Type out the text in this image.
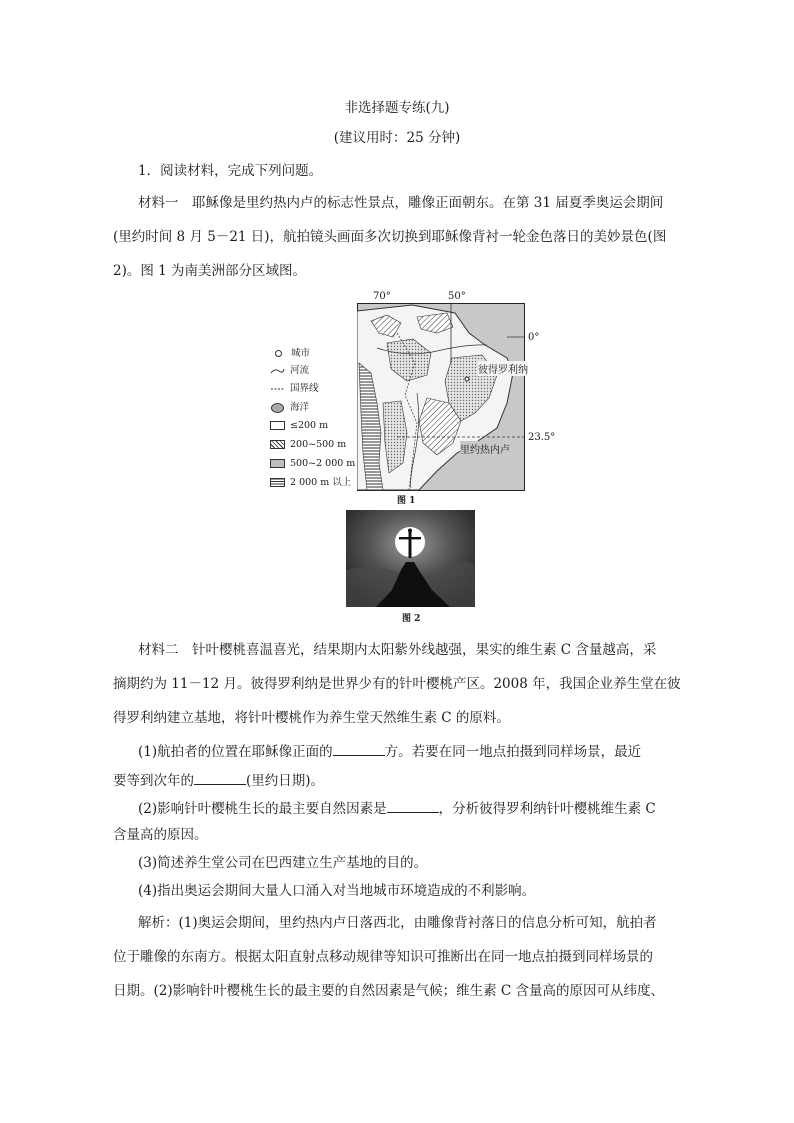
非选择题专练(九)
(建议用时：25 分钟)
1．阅读材料，完成下列问题。
材料一　耶稣像是里约热内卢的标志性景点，雕像正面朝东。在第 31 届夏季奥运会期间
(里约时间 8 月 5－21 日)，航拍镜头画面多次切换到耶稣像背衬一轮金色落日的美妙景色(图
2)。图 1 为南美洲部分区域图。
城市
河流
国界线
海洋
≤200 m
200~500 m
500~2 000 m
2 000 m 以上
70°	50°
0°
23.5°
彼得罗利纳
里约热内卢
图 1
图 2
材料二　针叶樱桃喜温喜光，结果期内太阳紫外线越强，果实的维生素 C 含量越高，采
摘期约为 11－12 月。彼得罗利纳是世界少有的针叶樱桃产区。2008 年，我国企业养生堂在彼
得罗利纳建立基地，将针叶樱桃作为养生堂天然维生素 C 的原料。
(1)航拍者的位置在耶稣像正面的	方。若要在同一地点拍摄到同样场景，最近
要等到次年的	(里约日期)。
(2)影响针叶樱桃生长的最主要自然因素是	，分析彼得罗利纳针叶樱桃维生素 C
含量高的原因。
(3)简述养生堂公司在巴西建立生产基地的目的。
(4)指出奥运会期间大量人口涌入对当地城市环境造成的不利影响。
解析：(1)奥运会期间，里约热内卢日落西北，由雕像背衬落日的信息分析可知，航拍者
位于雕像的东南方。根据太阳直射点移动规律等知识可推断出在同一地点拍摄到同样场景的
日期。(2)影响针叶樱桃生长的最主要的自然因素是气候；维生素 C 含量高的原因可从纬度、
